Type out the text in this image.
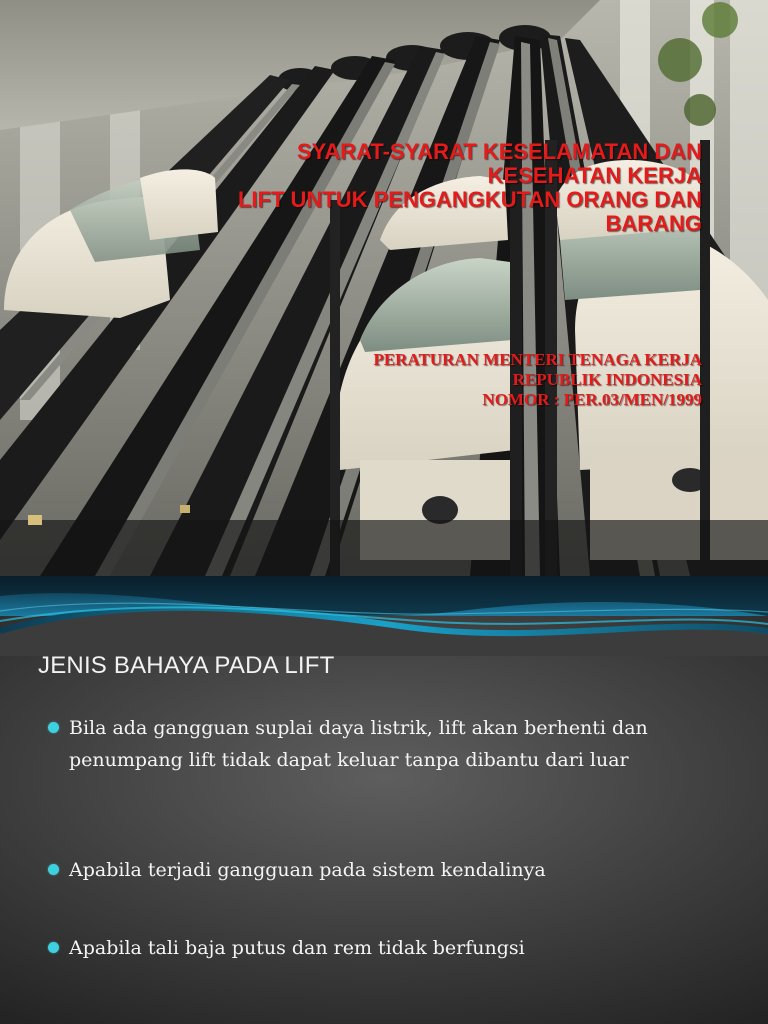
SYARAT-SYARAT KESELAMATAN DAN
KESEHATAN KERJA
LIFT UNTUK PENGANGKUTAN ORANG DAN
BARANG
PERATURAN MENTERI TENAGA KERJA
REPUBLIK INDONESIA
NOMOR : PER.03/MEN/1999
JENIS BAHAYA PADA LIFT
Bila ada gangguan suplai daya listrik, lift akan berhenti dan penumpang lift tidak dapat keluar tanpa dibantu dari luar
Apabila terjadi gangguan pada sistem kendalinya
Apabila tali baja putus dan rem tidak berfungsi
